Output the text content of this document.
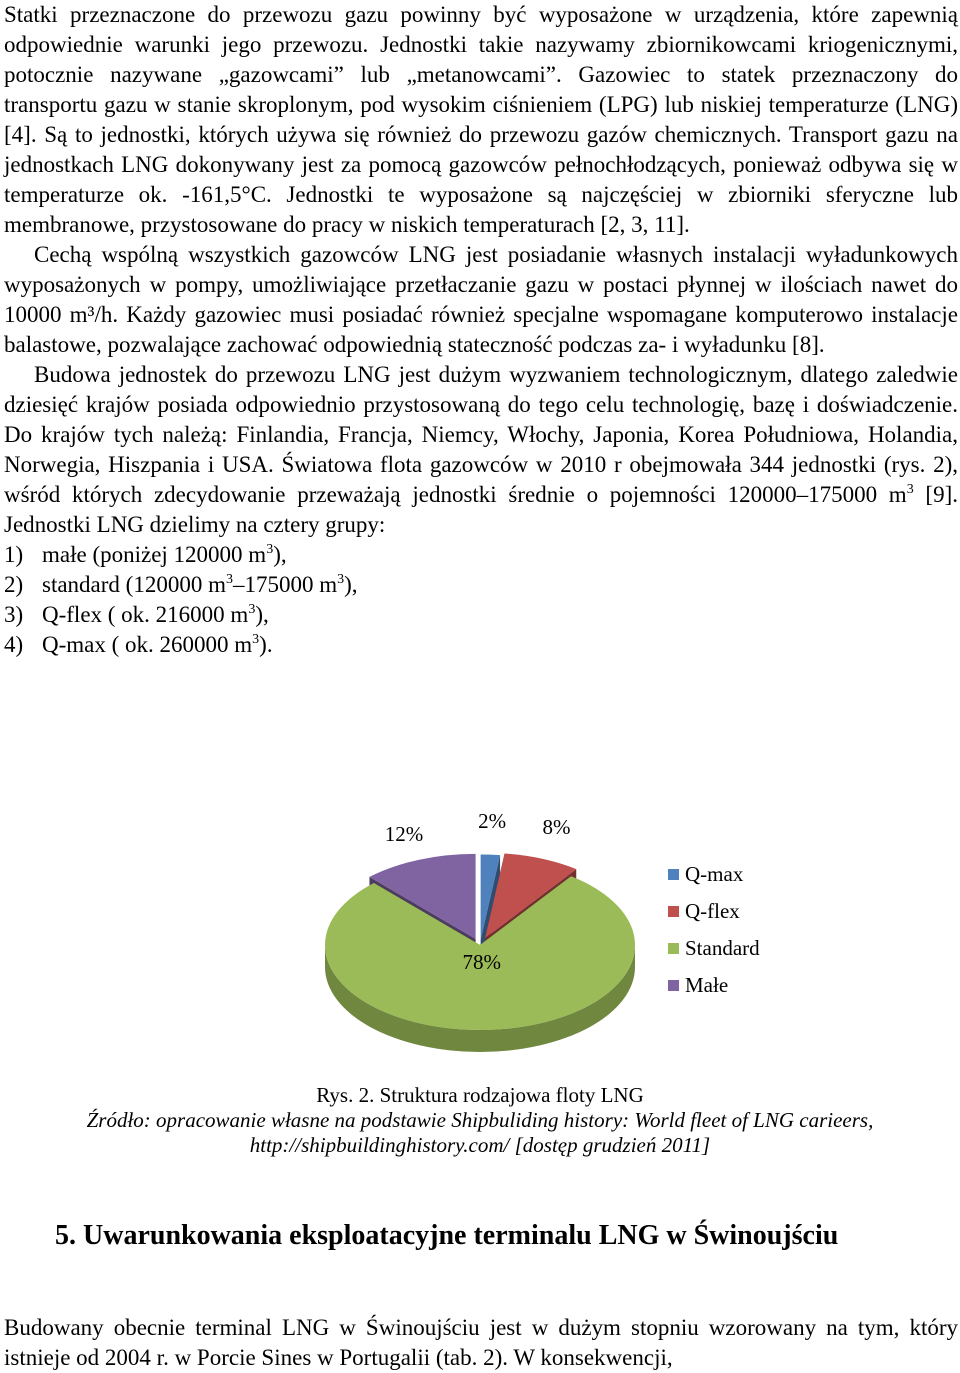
Statki przeznaczone do przewozu gazu powinny być wyposażone w urządzenia, które zapewnią odpowiednie warunki jego przewozu. Jednostki takie nazywamy zbiornikowcami kriogenicznymi, potocznie nazywane „gazowcami” lub „metanowcami”. Gazowiec to statek przeznaczony do transportu gazu w stanie skroplonym, pod wysokim ciśnieniem (LPG) lub niskiej temperaturze (LNG) [4]. Są to jednostki, których używa się również do przewozu gazów chemicznych. Transport gazu na jednostkach LNG dokonywany jest za pomocą gazowców pełnochłodzących, ponieważ odbywa się w temperaturze ok. -161,5°C. Jednostki te wyposażone są najczęściej w zbiorniki sferyczne lub membranowe, przystosowane do pracy w niskich temperaturach [2, 3, 11].

Cechą wspólną wszystkich gazowców LNG jest posiadanie własnych instalacji wyładunkowych wyposażonych w pompy, umożliwiające przetłaczanie gazu w postaci płynnej w ilościach nawet do 10000 m³/h. Każdy gazowiec musi posiadać również specjalne wspomagane komputerowo instalacje balastowe, pozwalające zachować odpowiednią stateczność podczas za- i wyładunku [8].

Budowa jednostek do przewozu LNG jest dużym wyzwaniem technologicznym, dlatego zaledwie dziesięć krajów posiada odpowiednio przystosowaną do tego celu technologię, bazę i doświadczenie. Do krajów tych należą: Finlandia, Francja, Niemcy, Włochy, Japonia, Korea Południowa, Holandia, Norwegia, Hiszpania i USA. Światowa flota gazowców w 2010 r obejmowała 344 jednostki (rys. 2), wśród których zdecydowanie przeważają jednostki średnie o pojemności 120000–175000 $m^3$ [9]. Jednostki LNG dzielimy na cztery grupy:

1) małe (poniżej 120000 $m^3$),
2) standard (120000 $m^3-175000$ $m^3$),
3) Q-flex ( ok. 216000 $m^3$),
4) Q-max ( ok. 260000 $m^3$).
2% 8%
78%
12%
Q-max
Q-flex
Standard
Małe
Rys. 2. Struktura rodzajowa floty LNG
Źródło: opracowanie własne na podstawie Shipbuliding history: World fleet of LNG carieers,
http://shipbuildinghistory.com/ [dostęp grudzień 2011]
5. Uwarunkowania eksploatacyjne terminalu LNG w Świnoujściu

Budowany obecnie terminal LNG w Świnoujściu jest w dużym stopniu wzorowany na tym, który istnieje od 2004 r. w Porcie Sines w Portugalii (tab. 2). W konsekwencji,
